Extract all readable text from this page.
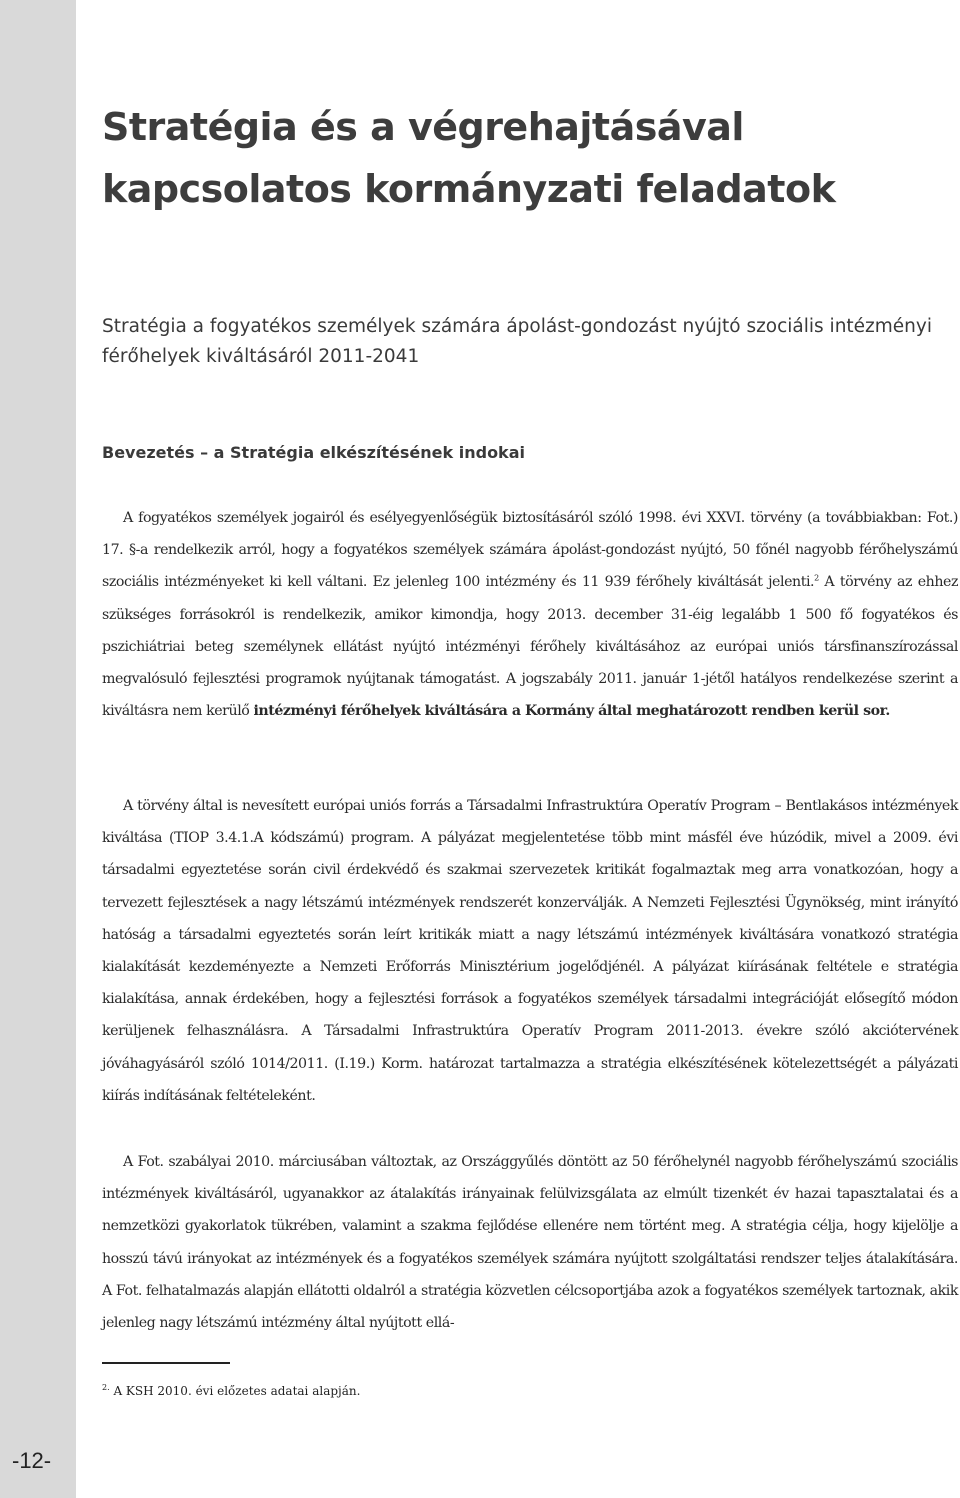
-12-
Stratégia és a végrehajtásával kapcsolatos kormányzati feladatok
Stratégia a fogyatékos személyek számára ápolást-gondozást nyújtó szociális intézményi férőhelyek kiváltásáról 2011-2041
Bevezetés – a Stratégia elkészítésének indokai

A fogyatékos személyek jogairól és esélyegyenlőségük biztosításáról szóló 1998. évi XXVI. törvény (a továbbiakban: Fot.) 17. §-a rendelkezik arról, hogy a fogyatékos személyek számára ápolást-gondozást nyújtó, 50 főnél nagyobb férőhelyszámú szociális intézményeket ki kell váltani. Ez jelenleg 100 intézmény és 11 939 férőhely kiváltását jelenti.$^2$ A törvény az ehhez szükséges forrásokról is rendelkezik, amikor kimondja, hogy 2013. december 31-éig legalább 1 500 fő fogyatékos és pszichiátriai beteg személynek ellátást nyújtó intézményi férőhely kiváltásához az európai uniós társfinanszírozással megvalósuló fejlesztési programok nyújtanak támogatást. A jogszabály 2011. január 1-jétől hatályos rendelkezése szerint a kiváltásra nem kerülő intézményi férőhelyek kiváltására a Kormány által meghatározott rendben kerül sor.

A törvény által is nevesített európai uniós forrás a Társadalmi Infrastruktúra Operatív Program – Bentlakásos intézmények kiváltása (TIOP 3.4.1.A kódszámú) program. A pályázat megjelentetése több mint másfél éve húzódik, mivel a 2009. évi társadalmi egyeztetése során civil érdekvédő és szakmai szervezetek kritikát fogalmaztak meg arra vonatkozóan, hogy a tervezett fejlesztések a nagy létszámú intézmények rendszerét konzerválják. A Nemzeti Fejlesztési Ügynökség, mint irányító hatóság a társadalmi egyeztetés során leírt kritikák miatt a nagy létszámú intézmények kiváltására vonatkozó stratégia kialakítását kezdeményezte a Nemzeti Erőforrás Minisztérium jogelődjénél. A pályázat kiírásának feltétele e stratégia kialakítása, annak érdekében, hogy a fejlesztési források a fogyatékos személyek társadalmi integrációját elősegítő módon kerüljenek felhasználásra. A Társadalmi Infrastruktúra Operatív Program 2011-2013. évekre szóló akciótervének jóváhagyásáról szóló 1014/2011. (I.19.) Korm. határozat tartalmazza a stratégia elkészítésének kötelezettségét a pályázati kiírás indításának feltételeként.

A Fot. szabályai 2010. márciusában változtak, az Országgyűlés döntött az 50 férőhelynél nagyobb férőhelyszámú szociális intézmények kiváltásáról, ugyanakkor az átalakítás irányainak felülvizsgálata az elmúlt tizenkét év hazai tapasztalatai és a nemzetközi gyakorlatok tükrében, valamint a szakma fejlődése ellenére nem történt meg. A stratégia célja, hogy kijelölje a hosszú távú irányokat az intézmények és a fogyatékos személyek számára nyújtott szolgáltatási rendszer teljes átalakítására. A Fot. felhatalmazás alapján ellátotti oldalról a stratégia közvetlen célcsoportjába azok a fogyatékos személyek tartoznak, akik jelenleg nagy létszámú intézmény által nyújtott ellá-

$^{2.}$ A KSH 2010. évi előzetes adatai alapján.
